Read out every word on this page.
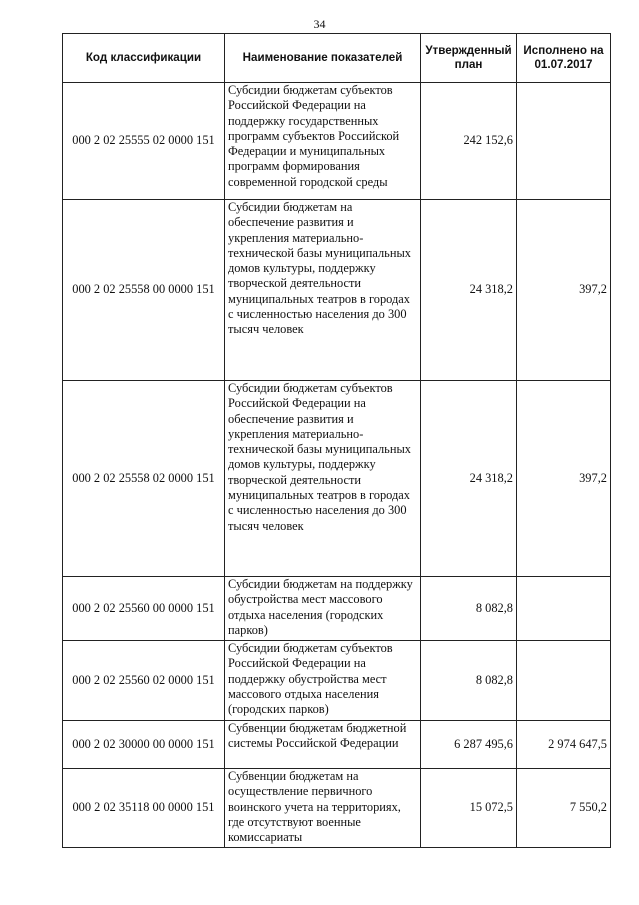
34
Код классификации	Наименование показателей	Утвержденный план	Исполнено на 01.07.2017
000 2 02 25555 02 0000 151	Субсидии бюджетам субъектов Российской Федерации на поддержку государственных программ субъектов Российской Федерации и муниципальных программ формирования современной городской среды	242 152,6	
000 2 02 25558 00 0000 151	Субсидии бюджетам на обеспечение развития и укрепления материально-технической базы муниципальных домов культуры, поддержку творческой деятельности муниципальных театров в городах с численностью населения до 300 тысяч человек	24 318,2	397,2
000 2 02 25558 02 0000 151	Субсидии бюджетам субъектов Российской Федерации на обеспечение развития и укрепления материально-технической базы муниципальных домов культуры, поддержку творческой деятельности муниципальных театров в городах с численностью населения до 300 тысяч человек	24 318,2	397,2
000 2 02 25560 00 0000 151	Субсидии бюджетам на поддержку обустройства мест массового отдыха населения (городских парков)	8 082,8	
000 2 02 25560 02 0000 151	Субсидии бюджетам субъектов Российской Федерации на поддержку обустройства мест массового отдыха населения (городских парков)	8 082,8	
000 2 02 30000 00 0000 151	Субвенции бюджетам бюджетной системы Российской Федерации	6 287 495,6	2 974 647,5
000 2 02 35118 00 0000 151	Субвенции бюджетам на осуществление первичного воинского учета на территориях, где отсутствуют военные комиссариаты	15 072,5	7 550,2
